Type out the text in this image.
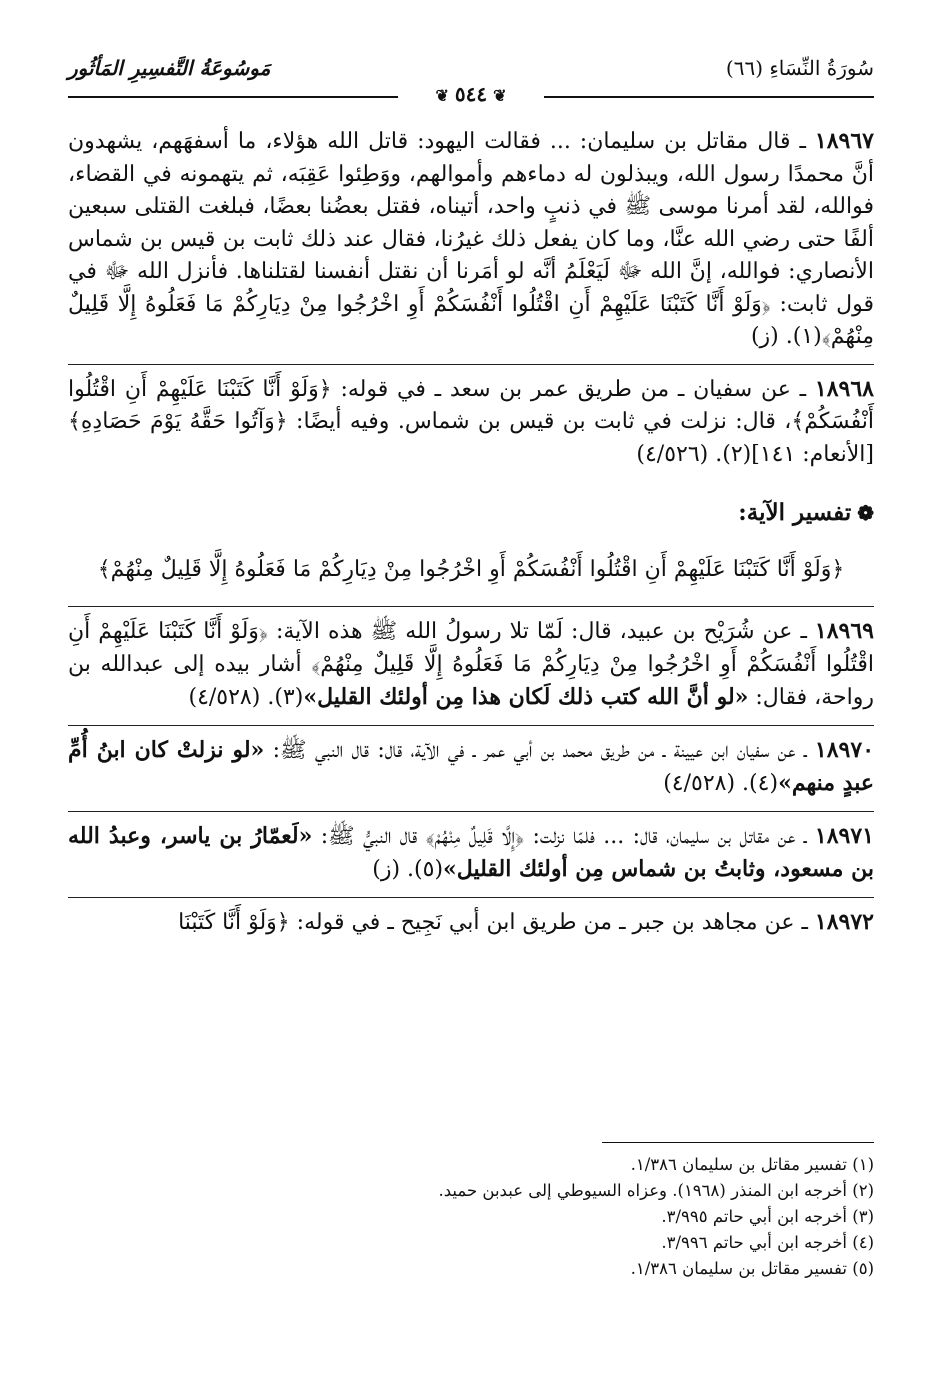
سُورَةُ النِّسَاءِ (٦٦)
مَوسُوعَةُ التَّفسِيرِ المَأثُور
❦ ٥٤٤ ❦

١٨٩٦٧ ـ قال مقاتل بن سليمان: ... فقالت اليهود: قاتل الله هؤلاء، ما أسفهَهم، يشهدون أنَّ محمدًا رسول الله، ويبذلون له دماءهم وأموالهم، ووَطِئوا عَقِبَه، ثم يتهمونه في القضاء، فوالله، لقد أمرنا موسى ﷺ في ذنبٍ واحد، أتيناه، فقتل بعضُنا بعضًا، فبلغت القتلى سبعين ألفًا حتى رضي الله عنَّا، وما كان يفعل ذلك غيرُنا، فقال عند ذلك ثابت بن قيس بن شماس الأنصاري: فوالله، إنَّ الله ﷻ لَيَعْلَمُ أنَّه لو أمَرنا أن نقتل أنفسنا لقتلناها. فأنزل الله ﷻ في قول ثابت: ﴿وَلَوْ أَنَّا كَتَبْنَا عَلَيْهِمْ أَنِ اقْتُلُوا أَنْفُسَكُمْ أَوِ اخْرُجُوا مِنْ دِيَارِكُمْ مَا فَعَلُوهُ إِلَّا قَلِيلٌ مِنْهُمْ﴾(١). (ز)

١٨٩٦٨ ـ عن سفيان ـ من طريق عمر بن سعد ـ في قوله: ﴿وَلَوْ أَنَّا كَتَبْنَا عَلَيْهِمْ أَنِ اقْتُلُوا أَنْفُسَكُمْ﴾، قال: نزلت في ثابت بن قيس بن شماس. وفيه أيضًا: ﴿وَآتُوا حَقَّهُ يَوْمَ حَصَادِهِ﴾ [الأنعام: ١٤١](٢). (٤/٥٢٦)

❁تفسير الآية:
﴿وَلَوْ أَنَّا كَتَبْنَا عَلَيْهِمْ أَنِ اقْتُلُوا أَنْفُسَكُمْ أَوِ اخْرُجُوا مِنْ دِيَارِكُمْ مَا فَعَلُوهُ إِلَّا قَلِيلٌ مِنْهُمْ﴾

١٨٩٦٩ ـ عن شُرَيْح بن عبيد، قال: لَمّا تلا رسولُ الله ﷺ هذه الآية: ﴿وَلَوْ أَنَّا كَتَبْنَا عَلَيْهِمْ أَنِ اقْتُلُوا أَنْفُسَكُمْ أَوِ اخْرُجُوا مِنْ دِيَارِكُمْ مَا فَعَلُوهُ إِلَّا قَلِيلٌ مِنْهُمْ﴾ أشار بيده إلى عبدالله بن رواحة، فقال: «لو أنَّ الله كتب ذلك لَكان هذا مِن أولئك القليل»(٣). (٤/٥٢٨)

١٨٩٧٠ ـ عن سفيان ابن عيينة ـ من طريق محمد بن أبي عمر ـ في الآية، قال: قال النبي ﷺ: «لو نزلتْ كان ابنُ أُمِّ عبدٍ منهم»(٤). (٤/٥٢٨)

١٨٩٧١ ـ عن مقاتل بن سليمان، قال: ... فلمّا نزلت: ﴿إِلَّا قَلِيلٌ مِنْهُمْ﴾ قال النبيُّ ﷺ: «لَعمّارُ بن ياسر، وعبدُ الله بن مسعود، وثابتُ بن شماس مِن أولئك القليل»(٥). (ز)

١٨٩٧٢ ـ عن مجاهد بن جبر ـ من طريق ابن أبي نَجِيح ـ في قوله: ﴿وَلَوْ أَنَّا كَتَبْنَا

(١) تفسير مقاتل بن سليمان ١/٣٨٦.

(٢) أخرجه ابن المنذر (١٩٦٨). وعزاه السيوطي إلى عبدبن حميد.

(٣) أخرجه ابن أبي حاتم ٣/٩٩٥.

(٤) أخرجه ابن أبي حاتم ٣/٩٩٦.

(٥) تفسير مقاتل بن سليمان ١/٣٨٦.
